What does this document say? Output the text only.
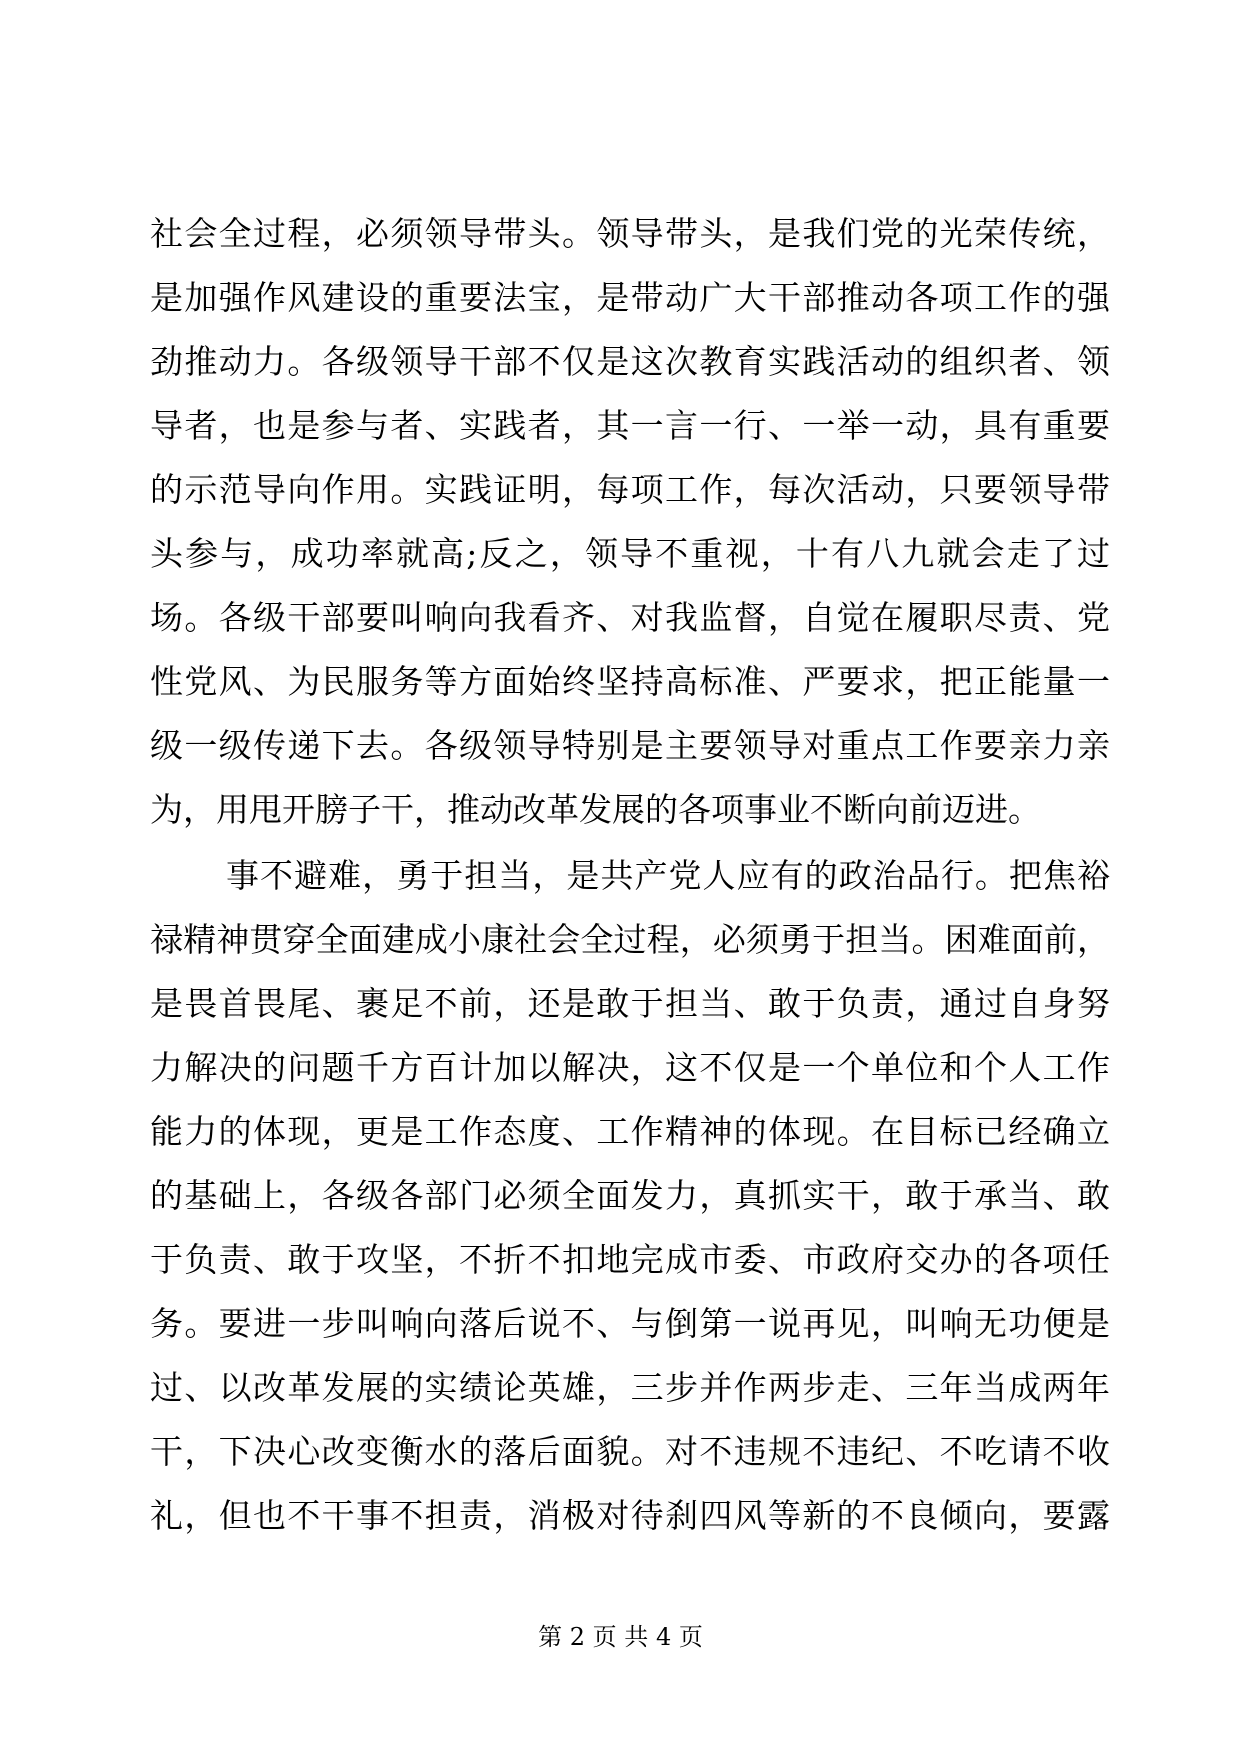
社会全过程，必须领导带头。领导带头，是我们党的光荣传统，
是加强作风建设的重要法宝，是带动广大干部推动各项工作的强
劲推动力。各级领导干部不仅是这次教育实践活动的组织者、领
导者，也是参与者、实践者，其一言一行、一举一动，具有重要
的示范导向作用。实践证明，每项工作，每次活动，只要领导带
头参与，成功率就高;反之，领导不重视，十有八九就会走了过
场。各级干部要叫响向我看齐、对我监督，自觉在履职尽责、党
性党风、为民服务等方面始终坚持高标准、严要求，把正能量一
级一级传递下去。各级领导特别是主要领导对重点工作要亲力亲
为，用甩开膀子干，推动改革发展的各项事业不断向前迈进。
事不避难，勇于担当，是共产党人应有的政治品行。把焦裕
禄精神贯穿全面建成小康社会全过程，必须勇于担当。困难面前，
是畏首畏尾、裹足不前，还是敢于担当、敢于负责，通过自身努
力解决的问题千方百计加以解决，这不仅是一个单位和个人工作
能力的体现，更是工作态度、工作精神的体现。在目标已经确立
的基础上，各级各部门必须全面发力，真抓实干，敢于承当、敢
于负责、敢于攻坚，不折不扣地完成市委、市政府交办的各项任
务。要进一步叫响向落后说不、与倒第一说再见，叫响无功便是
过、以改革发展的实绩论英雄，三步并作两步走、三年当成两年
干，下决心改变衡水的落后面貌。对不违规不违纪、不吃请不收
礼，但也不干事不担责，消极对待刹四风等新的不良倾向，要露
第 2 页 共 4 页
